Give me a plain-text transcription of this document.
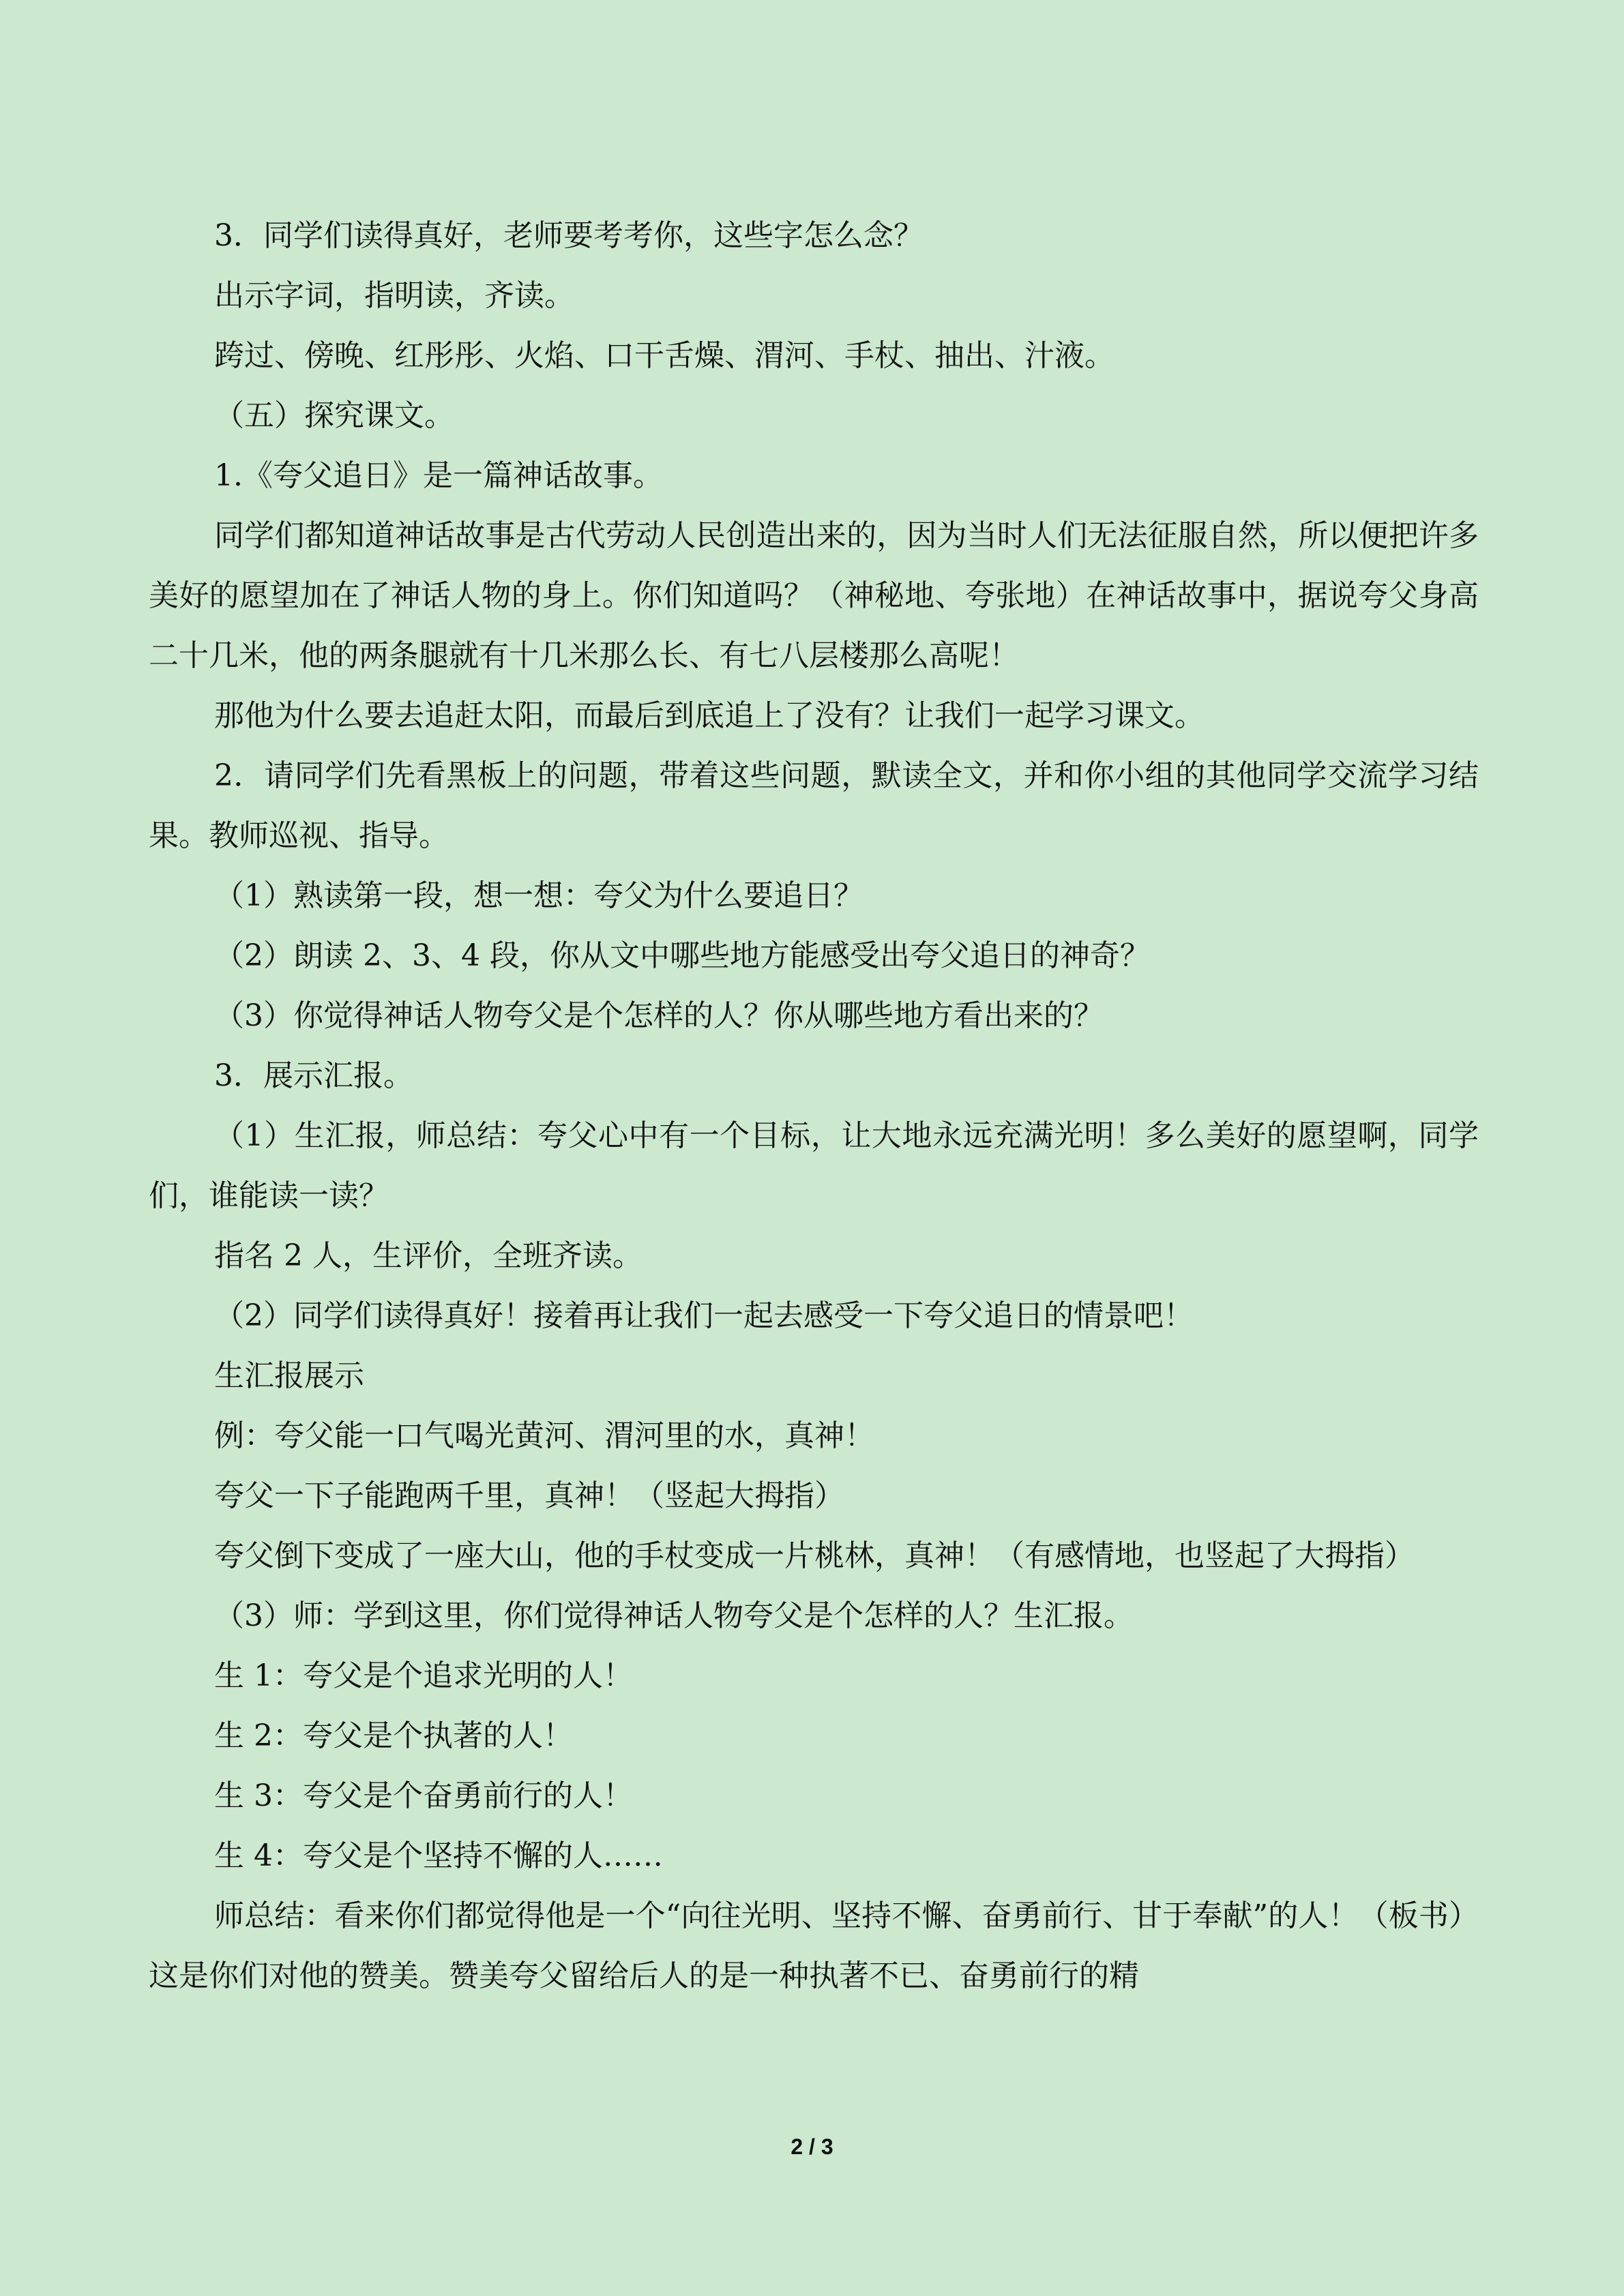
3．同学们读得真好，老师要考考你，这些字怎么念？

出示字词，指明读，齐读。

跨过、傍晚、红彤彤、火焰、口干舌燥、渭河、手杖、抽出、汁液。

（五）探究课文。

1.《夸父追日》是一篇神话故事。

同学们都知道神话故事是古代劳动人民创造出来的，因为当时人们无法征服自然，所以便把许多美好的愿望加在了神话人物的身上。你们知道吗？（神秘地、夸张地）在神话故事中，据说夸父身高二十几米，他的两条腿就有十几米那么长、有七八层楼那么高呢！

那他为什么要去追赶太阳，而最后到底追上了没有？让我们一起学习课文。

2．请同学们先看黑板上的问题，带着这些问题，默读全文，并和你小组的其他同学交流学习结果。教师巡视、指导。

（1）熟读第一段，想一想：夸父为什么要追日？

（2）朗读 2、3、4 段，你从文中哪些地方能感受出夸父追日的神奇？

（3）你觉得神话人物夸父是个怎样的人？你从哪些地方看出来的？

3．展示汇报。

（1）生汇报，师总结：夸父心中有一个目标，让大地永远充满光明！多么美好的愿望啊，同学们，谁能读一读？

指名 2 人，生评价，全班齐读。

（2）同学们读得真好！接着再让我们一起去感受一下夸父追日的情景吧！

生汇报展示

例：夸父能一口气喝光黄河、渭河里的水，真神！

夸父一下子能跑两千里，真神！（竖起大拇指）

夸父倒下变成了一座大山，他的手杖变成一片桃林，真神！（有感情地，也竖起了大拇指）

（3）师：学到这里，你们觉得神话人物夸父是个怎样的人？生汇报。

生 1：夸父是个追求光明的人！

生 2：夸父是个执著的人！

生 3：夸父是个奋勇前行的人！

生 4：夸父是个坚持不懈的人……

师总结：看来你们都觉得他是一个“向往光明、坚持不懈、奋勇前行、甘于奉献”的人！（板书）这是你们对他的赞美。赞美夸父留给后人的是一种执著不已、奋勇前行的精

2 / 3
